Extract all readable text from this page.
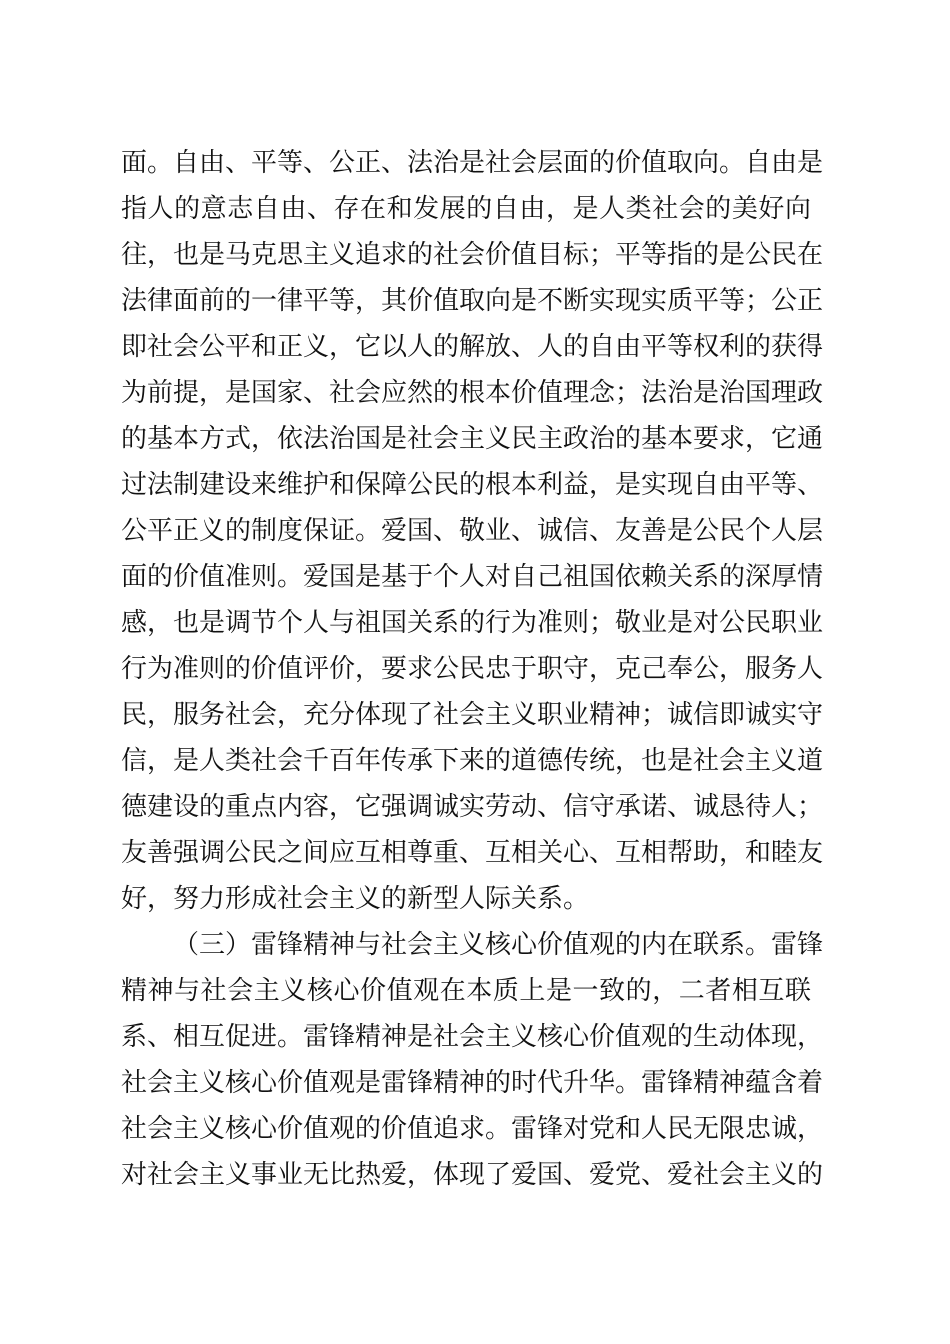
面。自由、平等、公正、法治是社会层面的价值取向。自由是
指人的意志自由、存在和发展的自由，是人类社会的美好向
往，也是马克思主义追求的社会价值目标；平等指的是公民在
法律面前的一律平等，其价值取向是不断实现实质平等；公正
即社会公平和正义，它以人的解放、人的自由平等权利的获得
为前提，是国家、社会应然的根本价值理念；法治是治国理政
的基本方式，依法治国是社会主义民主政治的基本要求，它通
过法制建设来维护和保障公民的根本利益，是实现自由平等、
公平正义的制度保证。爱国、敬业、诚信、友善是公民个人层
面的价值准则。爱国是基于个人对自己祖国依赖关系的深厚情
感，也是调节个人与祖国关系的行为准则；敬业是对公民职业
行为准则的价值评价，要求公民忠于职守，克己奉公，服务人
民，服务社会，充分体现了社会主义职业精神；诚信即诚实守
信，是人类社会千百年传承下来的道德传统，也是社会主义道
德建设的重点内容，它强调诚实劳动、信守承诺、诚恳待人；
友善强调公民之间应互相尊重、互相关心、互相帮助，和睦友
好，努力形成社会主义的新型人际关系。
（三）雷锋精神与社会主义核心价值观的内在联系。雷锋
精神与社会主义核心价值观在本质上是一致的，二者相互联
系、相互促进。雷锋精神是社会主义核心价值观的生动体现，
社会主义核心价值观是雷锋精神的时代升华。雷锋精神蕴含着
社会主义核心价值观的价值追求。雷锋对党和人民无限忠诚，
对社会主义事业无比热爱，体现了爱国、爱党、爱社会主义的
